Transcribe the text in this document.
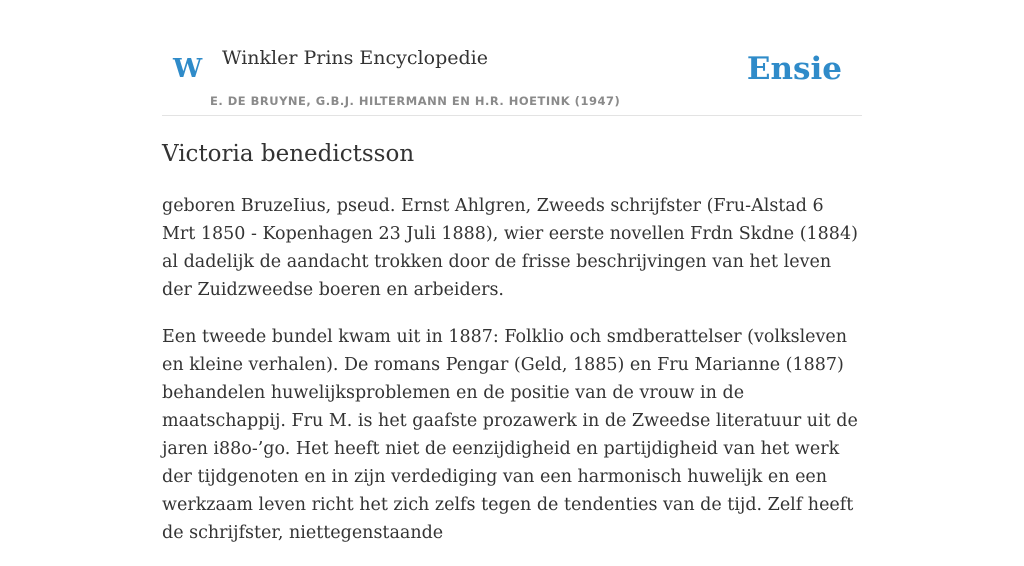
W Winkler Prins Encyclopedie
E. DE BRUYNE, G.B.J. HILTERMANN EN H.R. HOETINK (1947)
Ensie
Victoria benedictsson

geboren BruzeIius, pseud. Ernst Ahlgren, Zweeds schrijfster (Fru-Alstad 6 Mrt 1850 - Kopenhagen 23 Juli 1888), wier eerste novellen Frdn Skdne (1884) al dadelijk de aandacht trokken door de frisse beschrijvingen van het leven der Zuidzweedse boeren en arbeiders.

Een tweede bundel kwam uit in 1887: Folklio och smdberattelser (volksleven en kleine verhalen). De romans Pengar (Geld, 1885) en Fru Marianne (1887) behandelen huwelijksproblemen en de positie van de vrouw in de maatschappij. Fru M. is het gaafste prozawerk in de Zweedse literatuur uit de jaren i88o-’go. Het heeft niet de eenzijdigheid en partijdigheid van het werk der tijdgenoten en in zijn verdediging van een harmonisch huwelijk en een werkzaam leven richt het zich zelfs tegen de tendenties van de tijd. Zelf heeft de schrijfster, niettegenstaande
